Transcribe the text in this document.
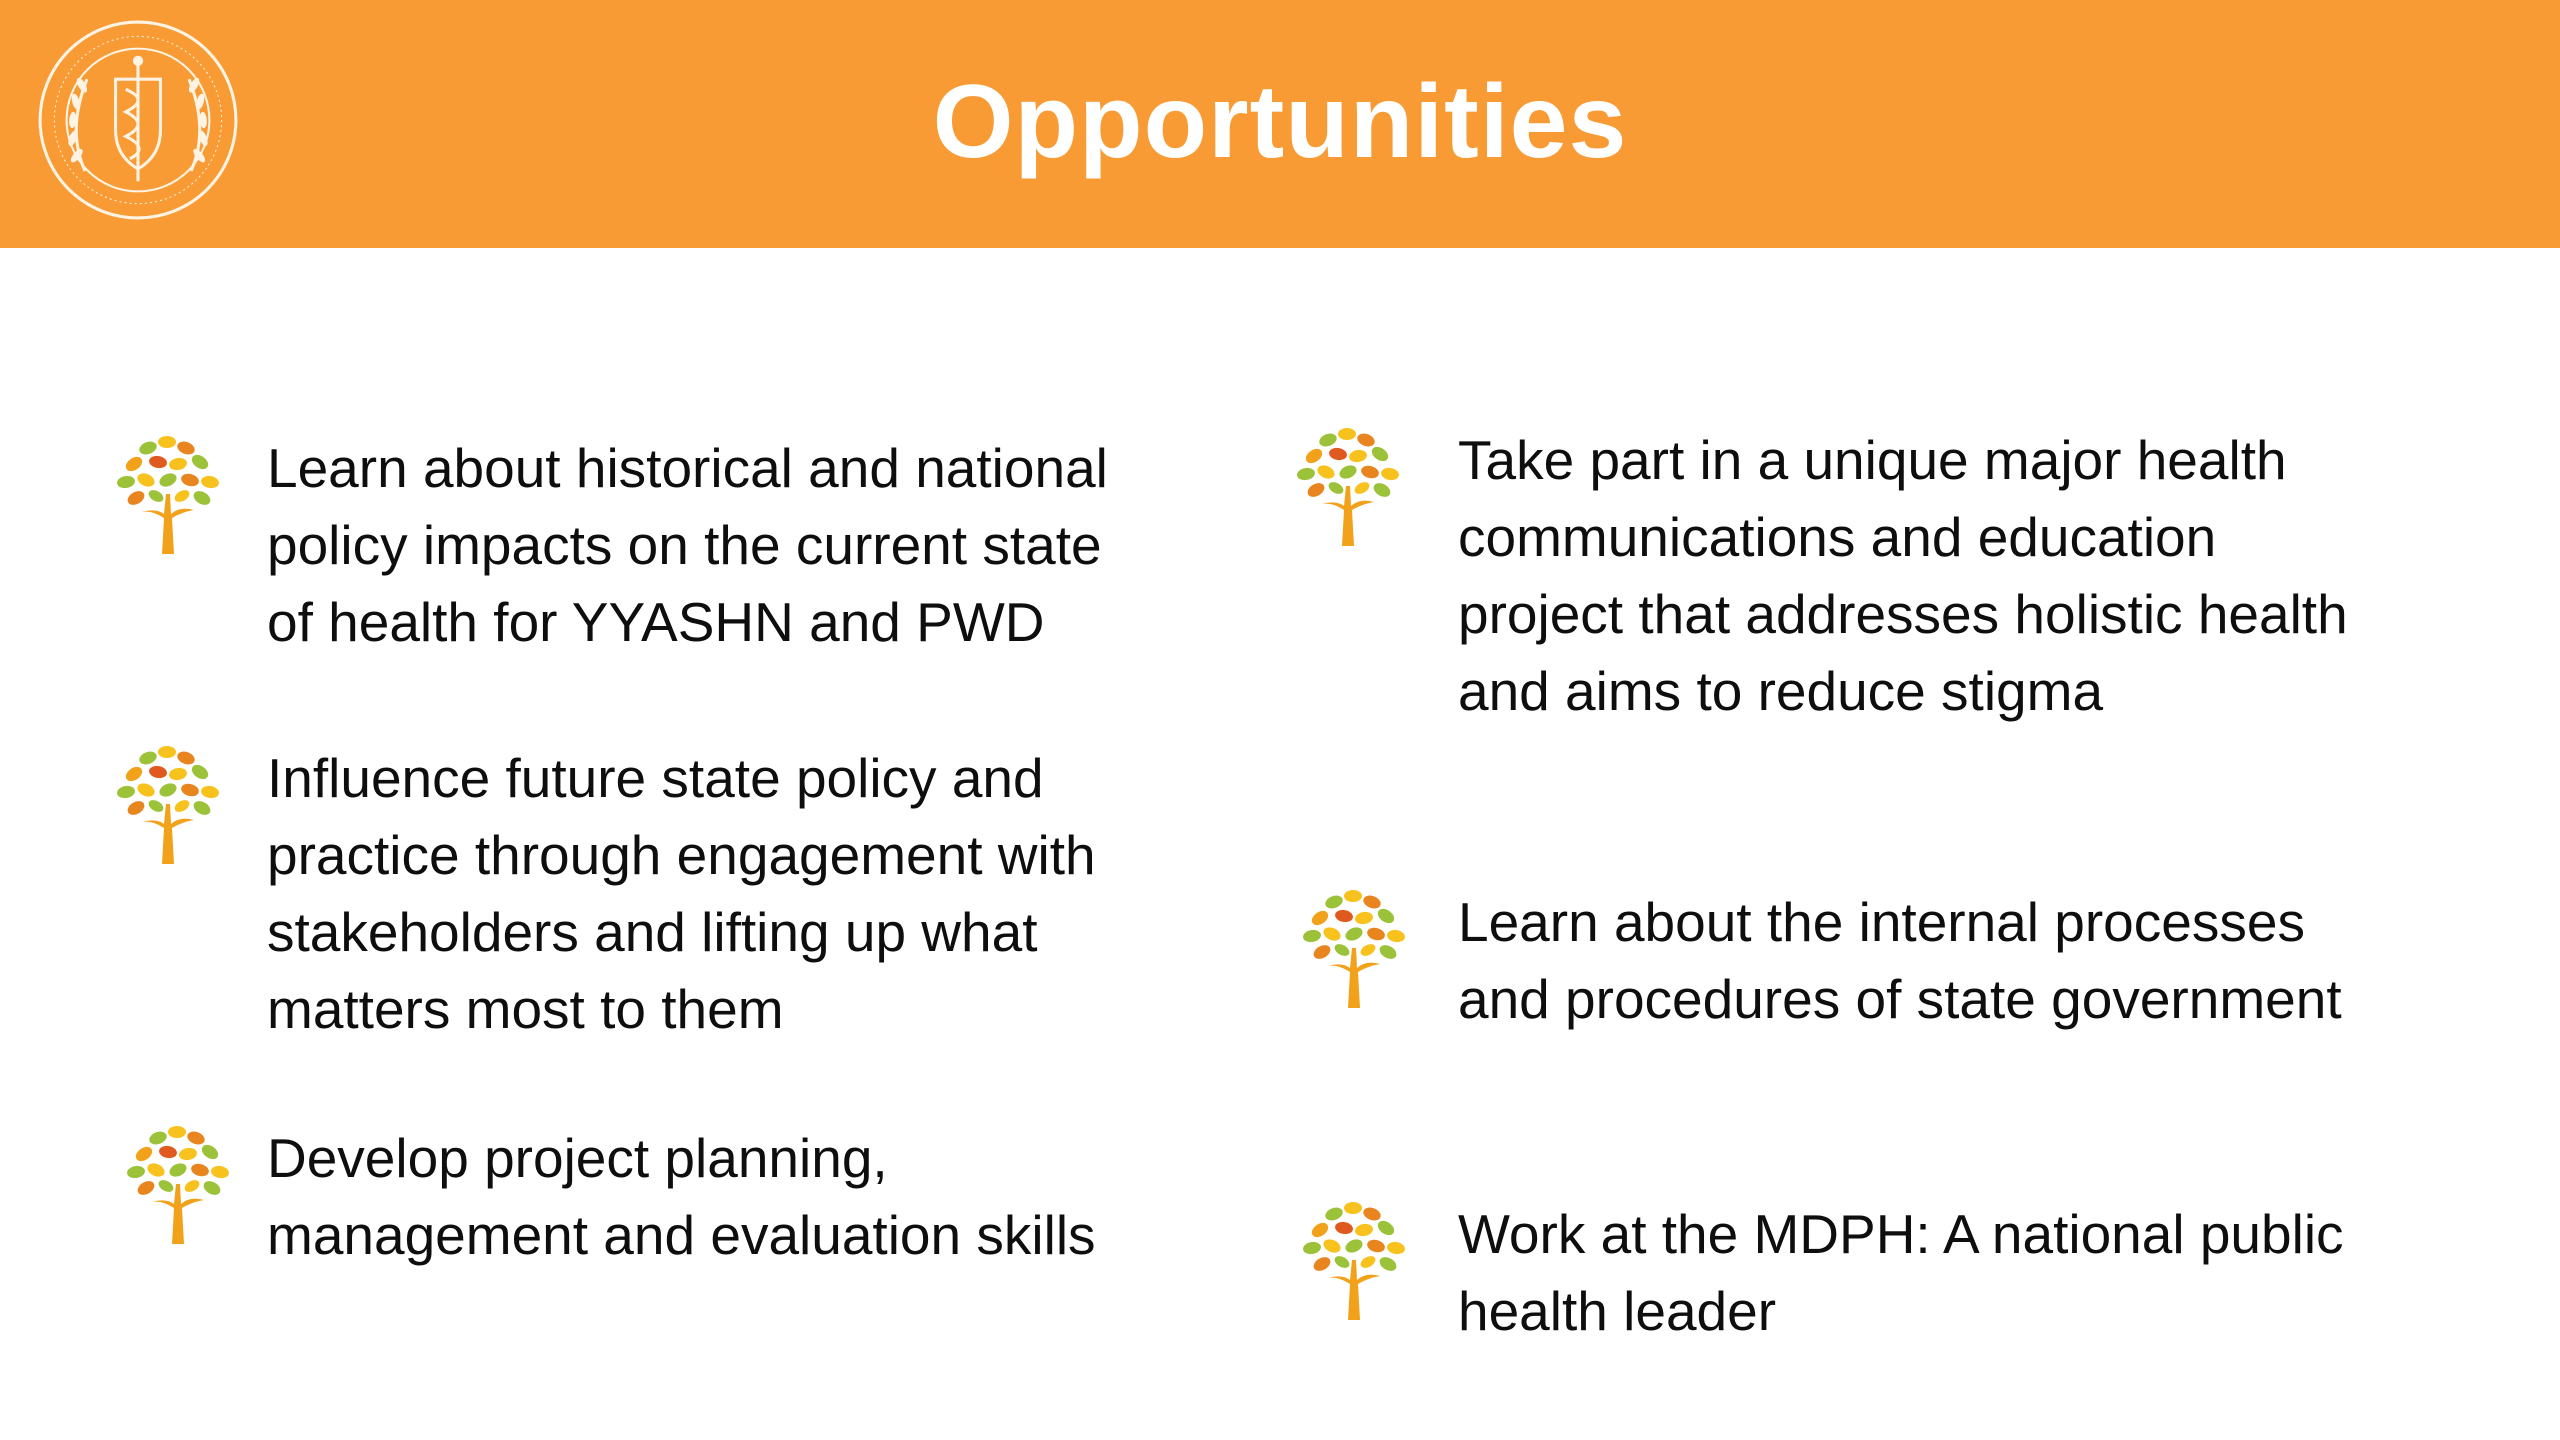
Opportunities
Learn about historical and national
policy impacts on the current state
of health for YYASHN and PWD
Influence future state policy and
practice through engagement with
stakeholders and lifting up what
matters most to them
Develop project planning,
management and evaluation skills
Take part in a unique major health
communications and education
project that addresses holistic health
and aims to reduce stigma
Learn about the internal processes
and procedures of state government
Work at the MDPH: A national public
health leader
